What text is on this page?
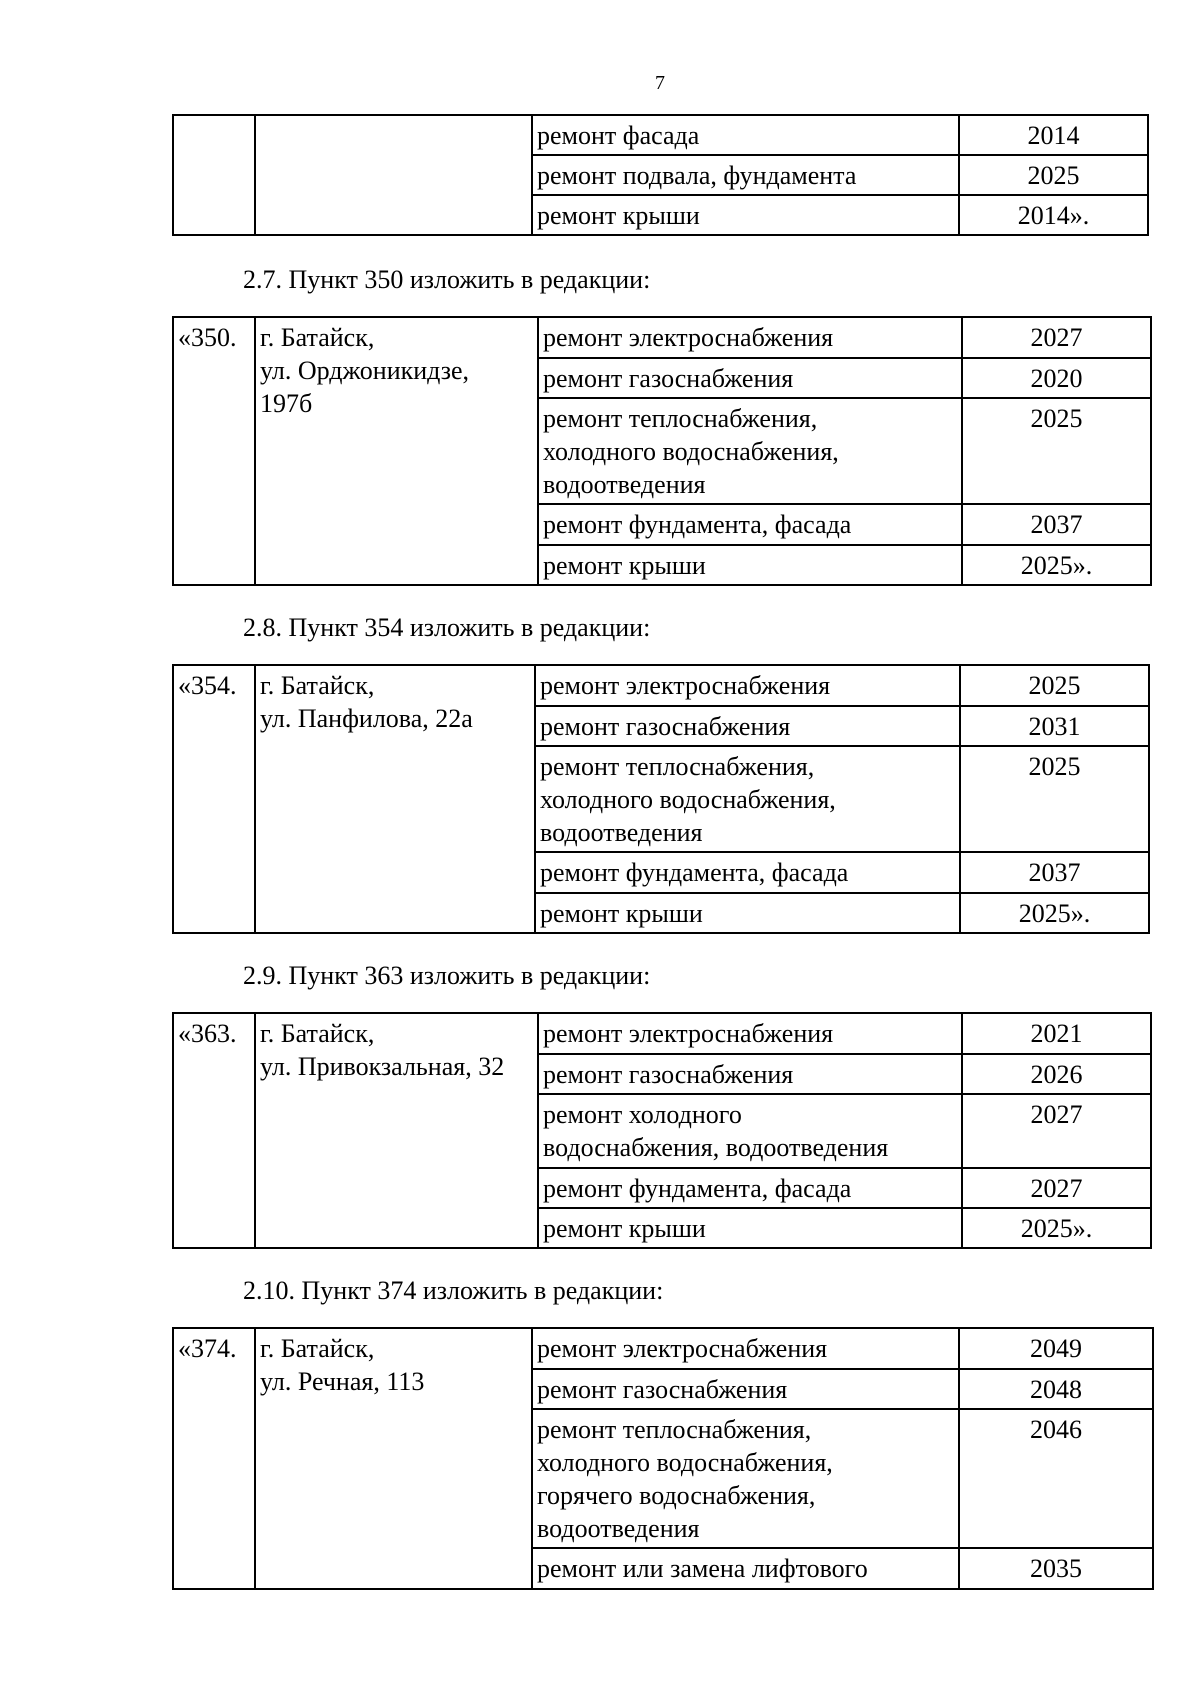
7
		ремонт фасада	2014
		ремонт подвала, фундамента	2025
		ремонт крыши	2014».
2.7. Пункт 350 изложить в редакции:
«350.	г. Батайск,
ул. Орджоникидзе,
197б	ремонт электроснабжения	2027
		ремонт газоснабжения	2020
		ремонт теплоснабжения,
холодного водоснабжения,
водоотведения	2025
		ремонт фундамента, фасада	2037
		ремонт крыши	2025».
2.8. Пункт 354 изложить в редакции:
«354.	г. Батайск,
ул. Панфилова, 22а	ремонт электроснабжения	2025
		ремонт газоснабжения	2031
		ремонт теплоснабжения,
холодного водоснабжения,
водоотведения	2025
		ремонт фундамента, фасада	2037
		ремонт крыши	2025».
2.9. Пункт 363 изложить в редакции:
«363.	г. Батайск,
ул. Привокзальная, 32	ремонт электроснабжения	2021
		ремонт газоснабжения	2026
		ремонт холодного
водоснабжения, водоотведения	2027
		ремонт фундамента, фасада	2027
		ремонт крыши	2025».
2.10. Пункт 374 изложить в редакции:
«374.	г. Батайск,
ул. Речная, 113	ремонт электроснабжения	2049
		ремонт газоснабжения	2048
		ремонт теплоснабжения,
холодного водоснабжения,
горячего водоснабжения,
водоотведения	2046
		ремонт или замена лифтового	2035
